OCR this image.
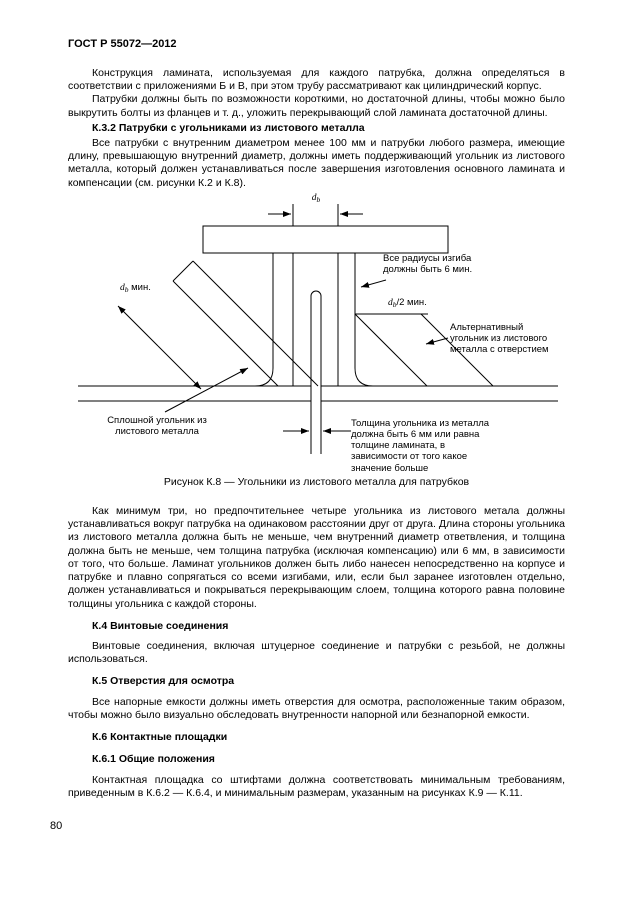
ГОСТ Р 55072—2012

Конструкция ламината, используемая для каждого патрубка, должна определяться в соответствии с приложениями Б и В, при этом трубу рассматривают как цилиндрический корпус.

Патрубки должны быть по возможности короткими, но достаточной длины, чтобы можно было выкрутить болты из фланцев и т. д., уложить перекрывающий слой ламината достаточной длины.

К.3.2 Патрубки с угольниками из листового металла

Все патрубки с внутренним диаметром менее 100 мм и патрубки любого размера, имеющие длину, превышающую внутренний диаметр, должны иметь поддерживающий угольник из листового металла, который должен устанавливаться после завершения изготовления основного ламината и компенсации (см. рисунки К.2 и К.8).

$d_b$
Все радиусы изгиба должны быть 6 мин.
$d_b$ мин.
$d_b/2$ мин.
Альтернативный угольник из листового металла с отверстием
Сплошной угольник из листового металла
Толщина угольника из металла должна быть 6 мм или равна толщине ламината, в зависимости от того какое значение больше
Рисунок К.8 — Угольники из листового металла для патрубков

Как минимум три, но предпочтительнее четыре угольника из листового метала должны устанавливаться вокруг патрубка на одинаковом расстоянии друг от друга. Длина стороны угольника из листового металла должна быть не меньше, чем внутренний диаметр ответвления, и толщина должна быть не меньше, чем толщина патрубка (исключая компенсацию) или 6 мм, в зависимости от того, что больше. Ламинат угольников должен быть либо нанесен непосредственно на корпусе и патрубке и плавно сопрягаться со всеми изгибами, или, если был заранее изготовлен отдельно, должен устанавливаться и покрываться перекрывающим слоем, толщина которого равна половине толщины угольника с каждой стороны.

К.4 Винтовые соединения

Винтовые соединения, включая штуцерное соединение и патрубки с резьбой, не должны использоваться.

К.5 Отверстия для осмотра

Все напорные емкости должны иметь отверстия для осмотра, расположенные таким образом, чтобы можно было визуально обследовать внутренности напорной или безнапорной емкости.

К.6 Контактные площадки
К.6.1 Общие положения

Контактная площадка со штифтами должна соответствовать минимальным требованиям, приведенным в К.6.2 — К.6.4, и минимальным размерам, указанным на рисунках К.9 — К.11.

80
